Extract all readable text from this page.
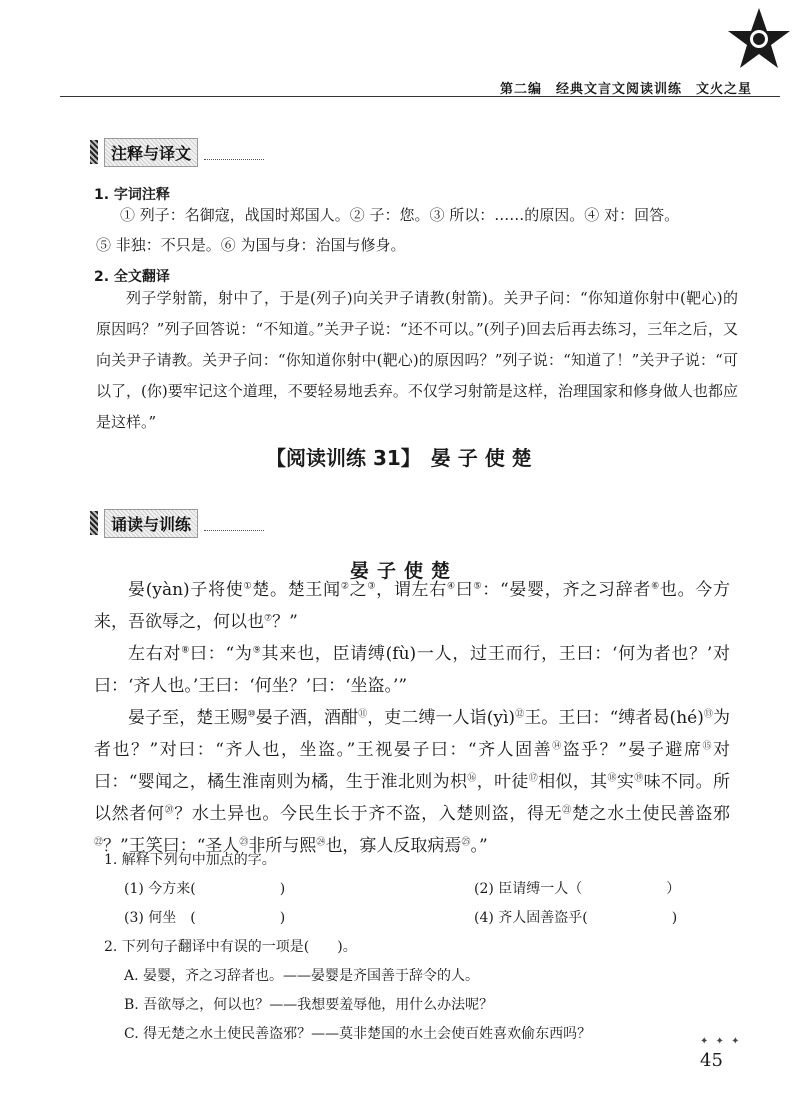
第二编　经典文言文阅读训练　文火之星
注释与译文
1. 字词注释
① 列子：名御寇，战国时郑国人。② 子：您。③ 所以：……的原因。④ 对：回答。
⑤ 非独：不只是。⑥ 为国与身：治国与修身。
2. 全文翻译
列子学射箭，射中了，于是(列子)向关尹子请教(射箭)。关尹子问：“你知道你射中(靶心)的原因吗？”列子回答说：“不知道。”关尹子说：“还不可以。”(列子)回去后再去练习，三年之后，又向关尹子请教。关尹子问：“你知道你射中(靶心)的原因吗？”列子说：“知道了！”关尹子说：“可以了，(你)要牢记这个道理，不要轻易地丢弃。不仅学习射箭是这样，治理国家和修身做人也都应是这样。”
【阅读训练 31】　晏 子 使 楚
诵读与训练
晏子使楚

晏(yàn)子将使①楚。楚王闻②之③，谓左右④曰⑤：“晏婴，齐之习辞者⑥也。今方来，吾欲辱之，何以也⑦？”

左右对⑧曰：“为⑨其来也，臣请缚(fù)一人，过王而行，王曰：‘何为者也？’对曰：‘齐人也。’王曰：‘何坐？’曰：‘坐盗。’”

晏子至，楚王赐⑩晏子酒，酒酣⑪，吏二缚一人诣(yì)⑫王。王曰：“缚者曷(hé)⑬为者也？”对曰：“齐人也，坐盗。”王视晏子曰：“齐人固善⑭盗乎？”晏子避席⑮对曰：“婴闻之，橘生淮南则为橘，生于淮北则为枳⑯，叶徒⑰相似，其⑱实⑲味不同。所以然者何⑳？水土异也。今民生长于齐不盗，入楚则盗，得无$^㉑$楚之水土使民善盗邪$^㉒$？”王笑曰：“圣人$^㉓$非所与熙$^㉔$也，寡人反取病焉$^㉕$。”

1. 解释下列句中加点的字。
(1) 今方来(　　　　　　)	(2) 臣请缚一人（　　　　　　）
(3) 何坐　(　　　　　　)	(4) 齐人固善盗乎(　　　　　　)
2. 下列句子翻译中有误的一项是(　　)。
A. 晏婴，齐之习辞者也。——晏婴是齐国善于辞令的人。
B. 吾欲辱之，何以也？——我想要羞辱他，用什么办法呢？
C. 得无楚之水土使民善盗邪？——莫非楚国的水土会使百姓喜欢偷东西吗？	✦ ✦ ✦
45
